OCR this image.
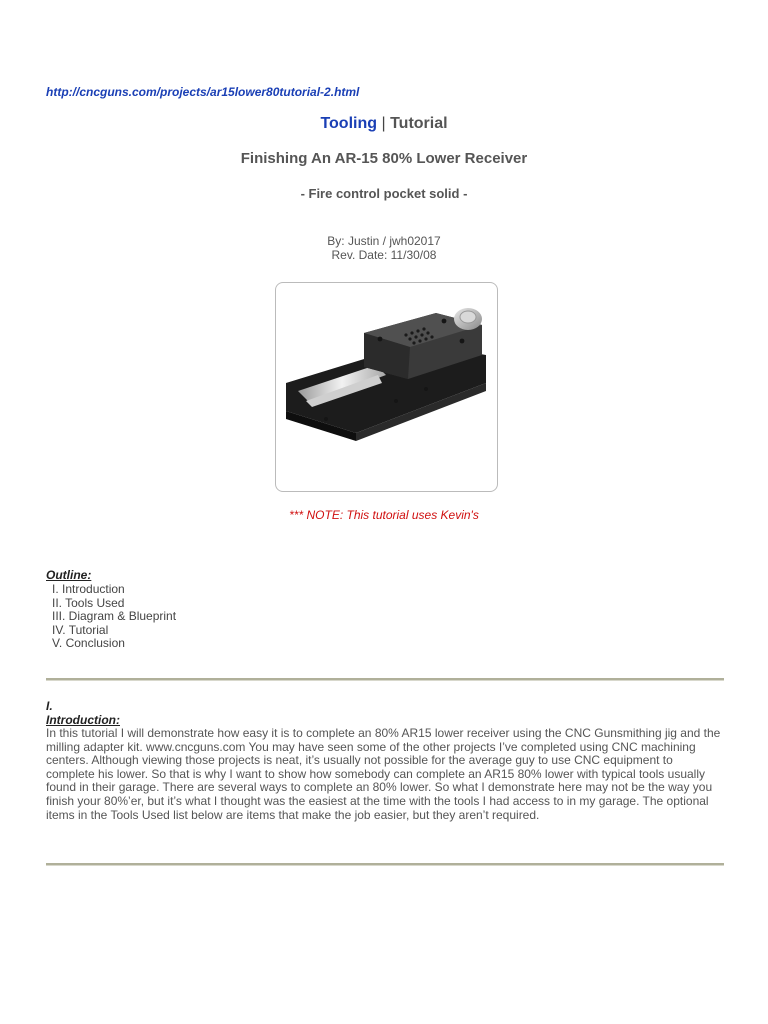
http://cncguns.com/projects/ar15lower80tutorial-2.html
Tooling | Tutorial
Finishing An AR-15 80% Lower Receiver
- Fire control pocket solid -
By: Justin / jwh02017
Rev. Date: 11/30/08
*** NOTE: This tutorial uses Kevin's
Outline:
I. Introduction
II. Tools Used
III. Diagram & Blueprint
IV. Tutorial
V. Conclusion
I.
Introduction:

In this tutorial I will demonstrate how easy it is to complete an 80% AR15 lower receiver using the CNC Gunsmithing jig and the milling adapter kit. www.cncguns.com You may have seen some of the other projects I’ve completed using CNC machining centers. Although viewing those projects is neat, it’s usually not possible for the average guy to use CNC equipment to complete his lower. So that is why I want to show how somebody can complete an AR15 80% lower with typical tools usually found in their garage. There are several ways to complete an 80% lower. So what I demonstrate here may not be the way you finish your 80%’er, but it’s what I thought was the easiest at the time with the tools I had access to in my garage. The optional items in the Tools Used list below are items that make the job easier, but they aren’t required.
